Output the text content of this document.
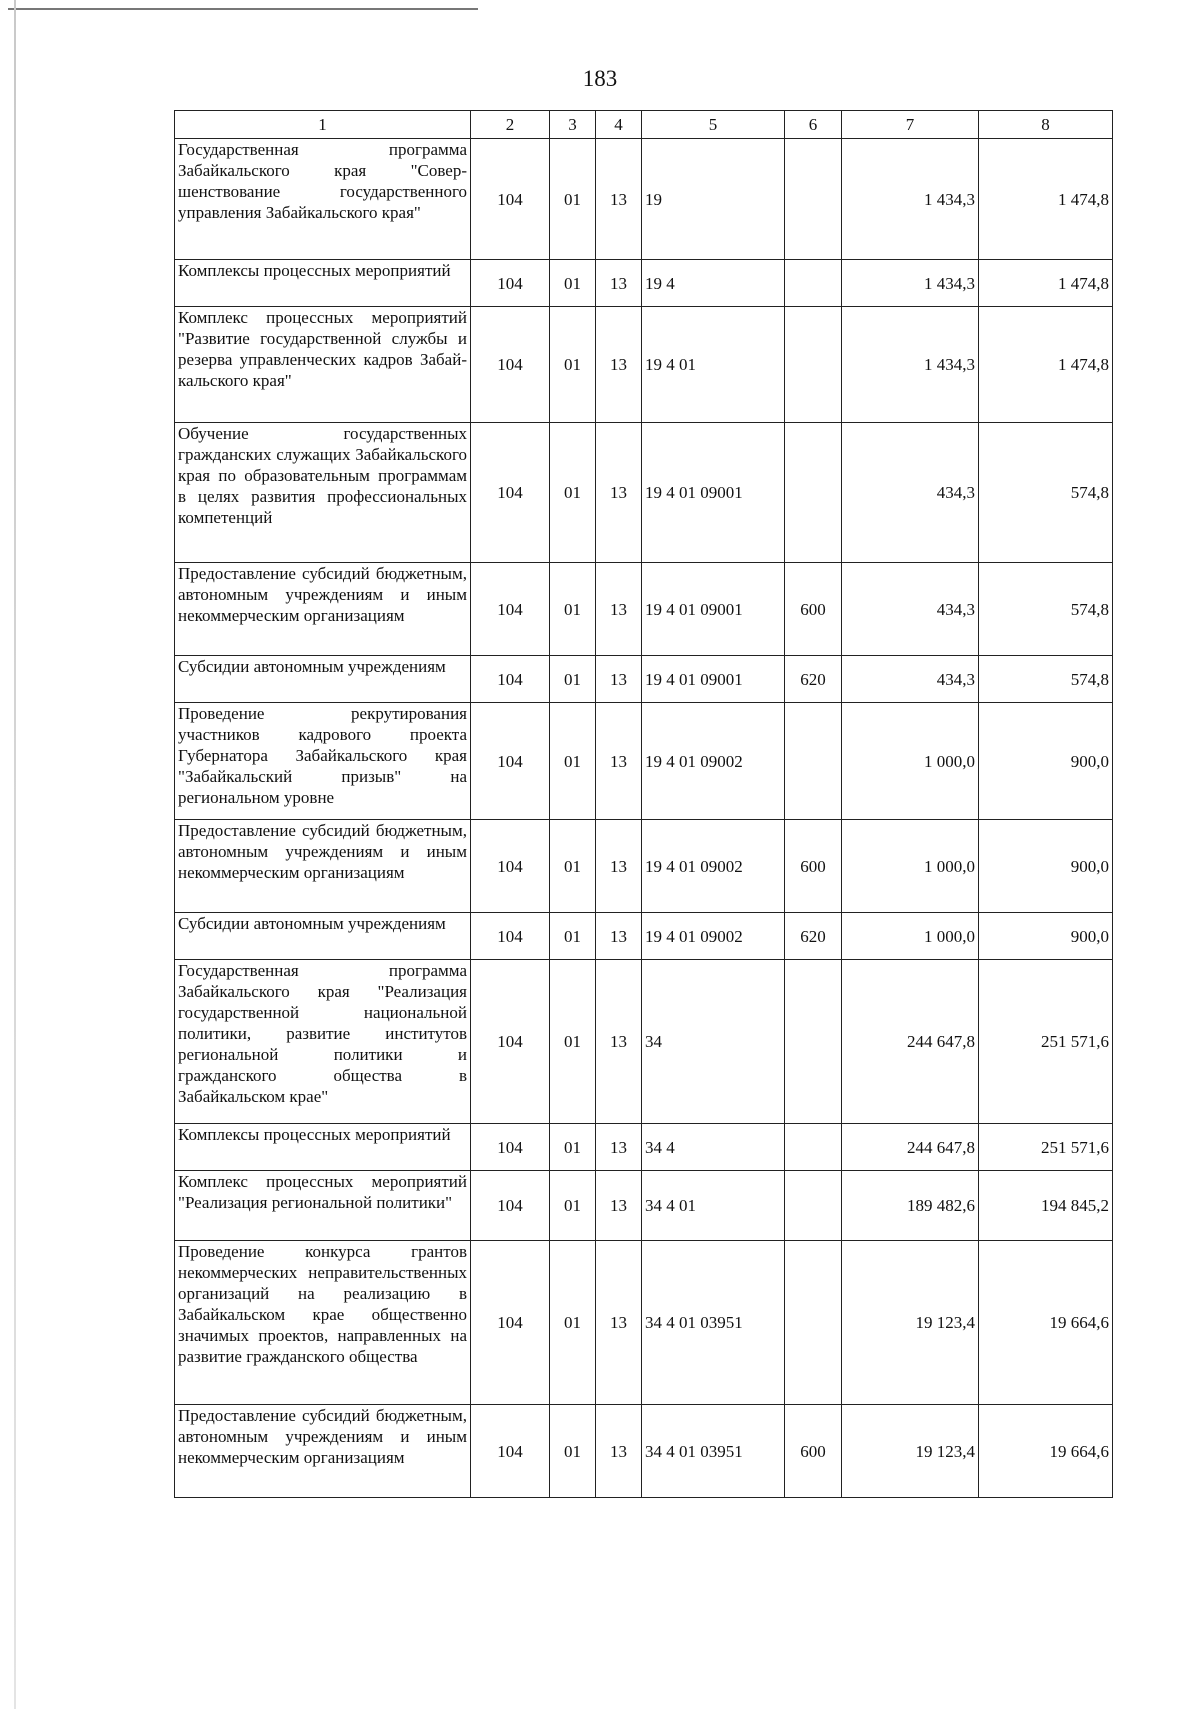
183
1	2	3	4	5	6	7	8
Государственная программа Забайкальского края "Совершенствование государственного управления Забайкальского края"	104	01	13	19		1 434,3	1 474,8
Комплексы процессных мероприятий	104	01	13	19 4		1 434,3	1 474,8
Комплекс процессных мероприятий "Развитие государственной службы и резерва управленческих кадров Забайкальского края"	104	01	13	19 4 01		1 434,3	1 474,8
Обучение государственных гражданских служащих Забайкальского края по образовательным программам в целях развития профессиональных компетенций	104	01	13	19 4 01 09001		434,3	574,8
Предоставление субсидий бюджетным, автономным учреждениям и иным некоммерческим организациям	104	01	13	19 4 01 09001	600	434,3	574,8
Субсидии автономным учреждениям	104	01	13	19 4 01 09001	620	434,3	574,8
Проведение рекрутирования участников кадрового проекта Губернатора Забайкальского края "Забайкальский призыв" на региональном уровне	104	01	13	19 4 01 09002		1 000,0	900,0
Предоставление субсидий бюджетным, автономным учреждениям и иным некоммерческим организациям	104	01	13	19 4 01 09002	600	1 000,0	900,0
Субсидии автономным учреждениям	104	01	13	19 4 01 09002	620	1 000,0	900,0
Государственная программа Забайкальского края "Реализация государственной национальной политики, развитие институтов региональной политики и гражданского общества в Забайкальском крае"	104	01	13	34		244 647,8	251 571,6
Комплексы процессных мероприятий	104	01	13	34 4		244 647,8	251 571,6
Комплекс процессных мероприятий "Реализация региональной политики"	104	01	13	34 4 01		189 482,6	194 845,2
Проведение конкурса грантов некоммерческих неправительственных организаций на реализацию в Забайкальском крае общественно значимых проектов, направленных на развитие гражданского общества	104	01	13	34 4 01 03951		19 123,4	19 664,6
Предоставление субсидий бюджетным, автономным учреждениям и иным некоммерческим организациям	104	01	13	34 4 01 03951	600	19 123,4	19 664,6
